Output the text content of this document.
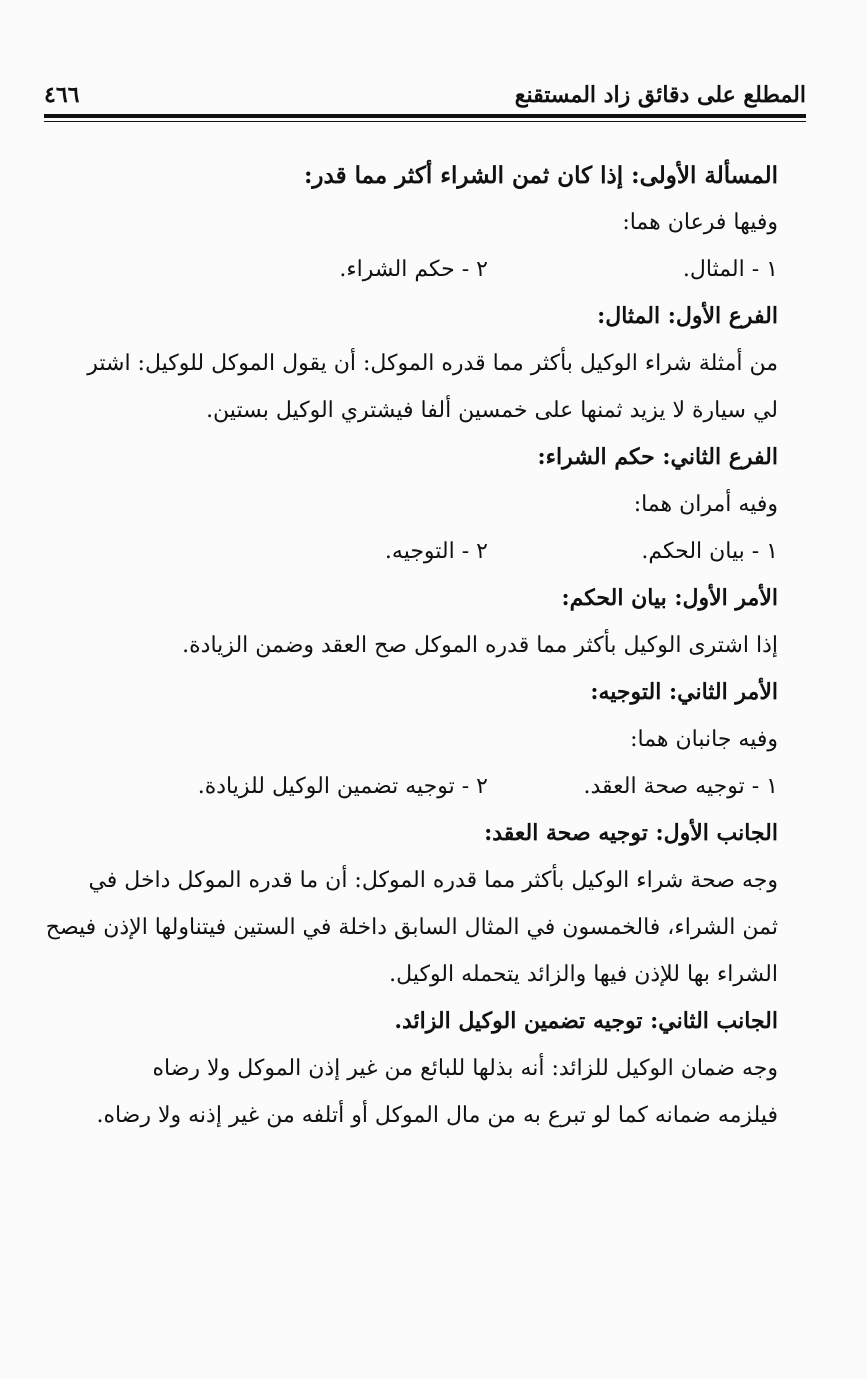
المطلع على دقائق زاد المستقنع
٤٦٦

المسألة الأولى: إذا كان ثمن الشراء أكثر مما قدر:

وفيها فرعان هما:

١ - المثال.
٢ - حكم الشراء.

الفرع الأول: المثال:

من أمثلة شراء الوكيل بأكثر مما قدره الموكل: أن يقول الموكل للوكيل: اشتر

لي سيارة لا يزيد ثمنها على خمسين ألفا فيشتري الوكيل بستين.

الفرع الثاني: حكم الشراء:

وفيه أمران هما:

١ - بيان الحكم.
٢ - التوجيه.

الأمر الأول: بيان الحكم:

إذا اشترى الوكيل بأكثر مما قدره الموكل صح العقد وضمن الزيادة.

الأمر الثاني: التوجيه:

وفيه جانبان هما:

١ - توجيه صحة العقد.
٢ - توجيه تضمين الوكيل للزيادة.

الجانب الأول: توجيه صحة العقد:

وجه صحة شراء الوكيل بأكثر مما قدره الموكل: أن ما قدره الموكل داخل في

ثمن الشراء، فالخمسون في المثال السابق داخلة في الستين فيتناولها الإذن فيصح

الشراء بها للإذن فيها والزائد يتحمله الوكيل.

الجانب الثاني: توجيه تضمين الوكيل الزائد.

وجه ضمان الوكيل للزائد: أنه بذلها للبائع من غير إذن الموكل ولا رضاه

فيلزمه ضمانه كما لو تبرع به من مال الموكل أو أتلفه من غير إذنه ولا رضاه.
